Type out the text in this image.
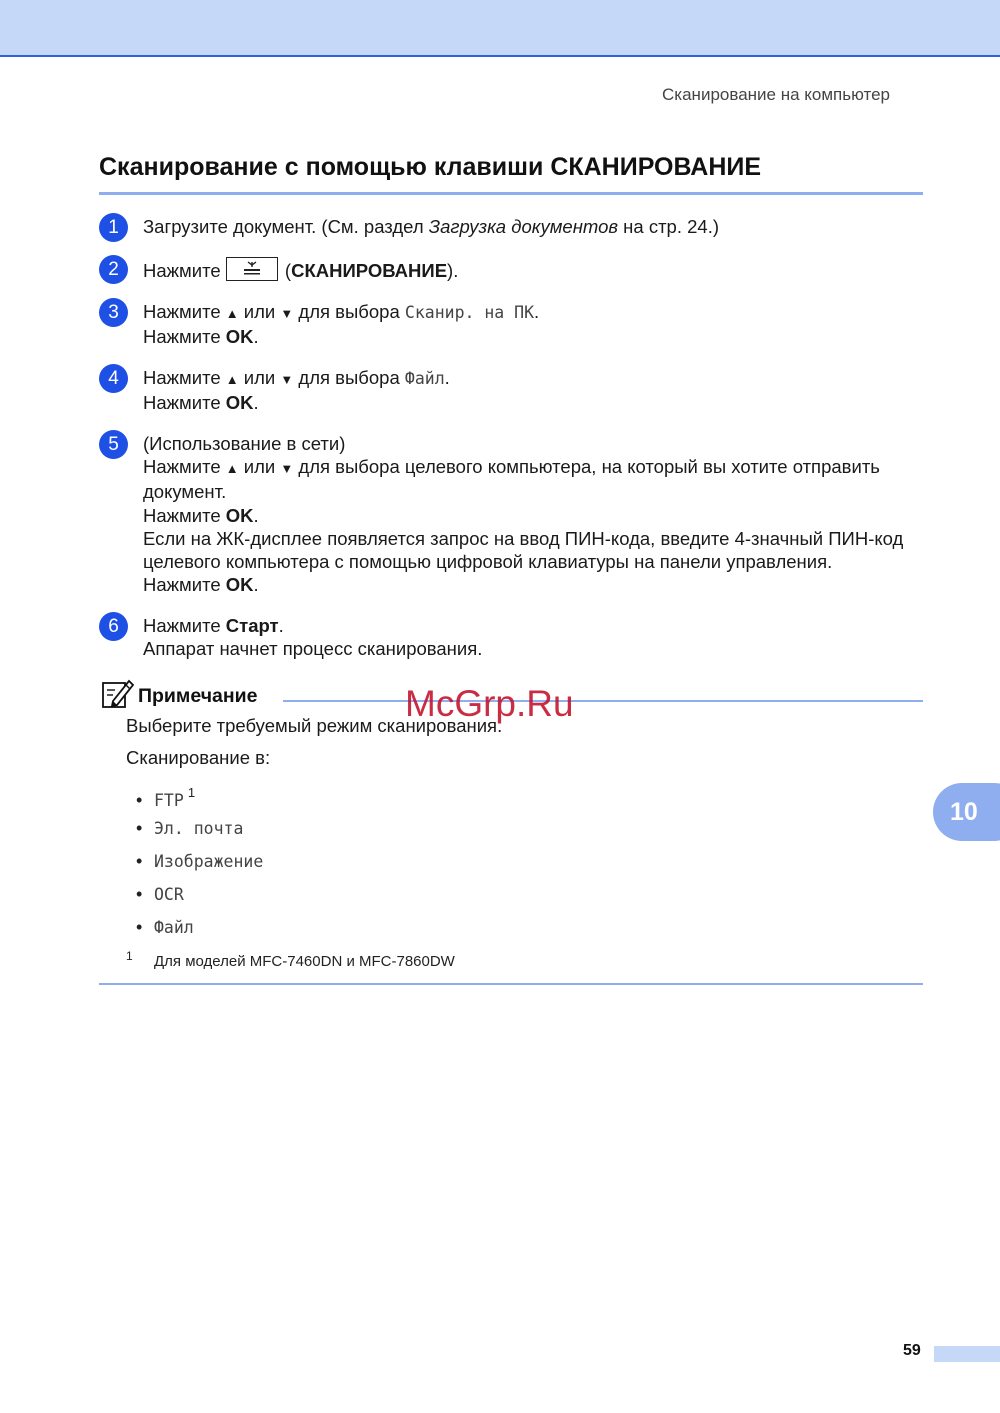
Сканирование на компьютер
Сканирование с помощью клавиши СКАНИРОВАНИЕ
1	Загрузите документ. (См. раздел Загрузка документов на стр. 24.)
2	Нажмите	(СКАНИРОВАНИЕ).
3	Нажмите ▲ или ▼ для выбора Сканир. на ПК.
Нажмите OK.
4	Нажмите ▲ или ▼ для выбора Файл.
Нажмите OK.
5	(Использование в сети)
Нажмите ▲ или ▼ для выбора целевого компьютера, на который вы хотите отправить документ.
Нажмите OK.
Если на ЖК-дисплее появляется запрос на ввод ПИН-кода, введите 4-значный ПИН-код целевого компьютера с помощью цифровой клавиатуры на панели управления.
Нажмите OK.
6	Нажмите Старт.
Аппарат начнет процесс сканирования.
Примечание
Выберите требуемый режим сканирования.
Сканирование в:
• FTP $^1$
• Эл. почта
• Изображение
• OCR
• Файл
1 Для моделей MFC-7460DN и MFC-7860DW
McGrp.Ru
10
59
